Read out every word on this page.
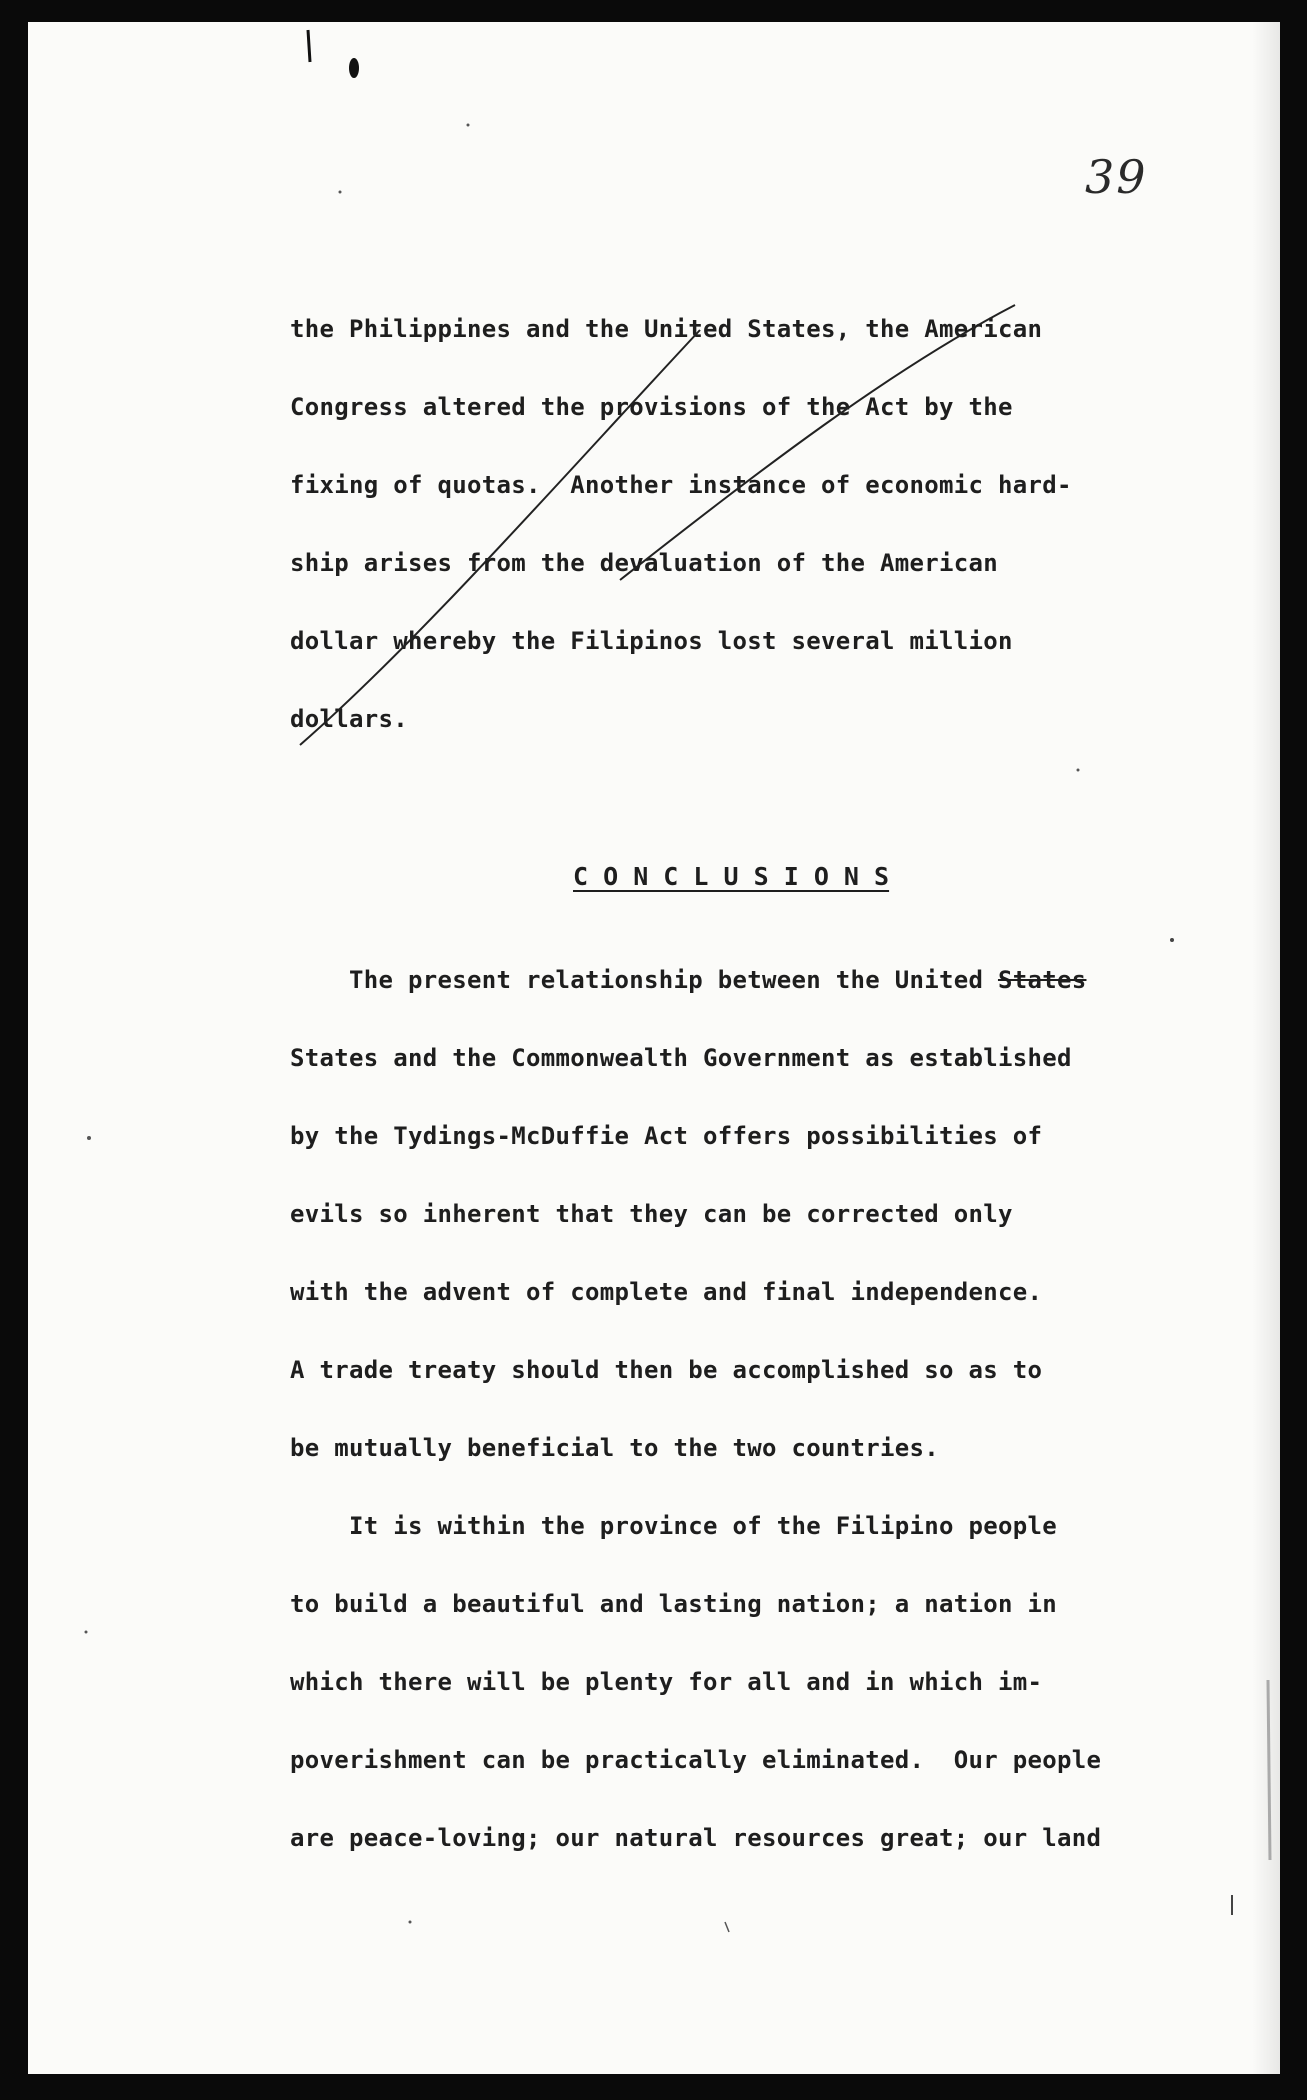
39
the Philippines and the United States, the American
Congress altered the provisions of the Act by the
fixing of quotas.  Another instance of economic hard-
ship arises from the devaluation of the American
dollar whereby the Filipinos lost several million
dollars.
C O N C L U S I O N S
The present relationship between the United States
States and the Commonwealth Government as established
by the Tydings-McDuffie Act offers possibilities of
evils so inherent that they can be corrected only
with the advent of complete and final independence.
A trade treaty should then be accomplished so as to
be mutually beneficial to the two countries.
It is within the province of the Filipino people
to build a beautiful and lasting nation; a nation in
which there will be plenty for all and in which im-
poverishment can be practically eliminated.  Our people
are peace-loving; our natural resources great; our land
